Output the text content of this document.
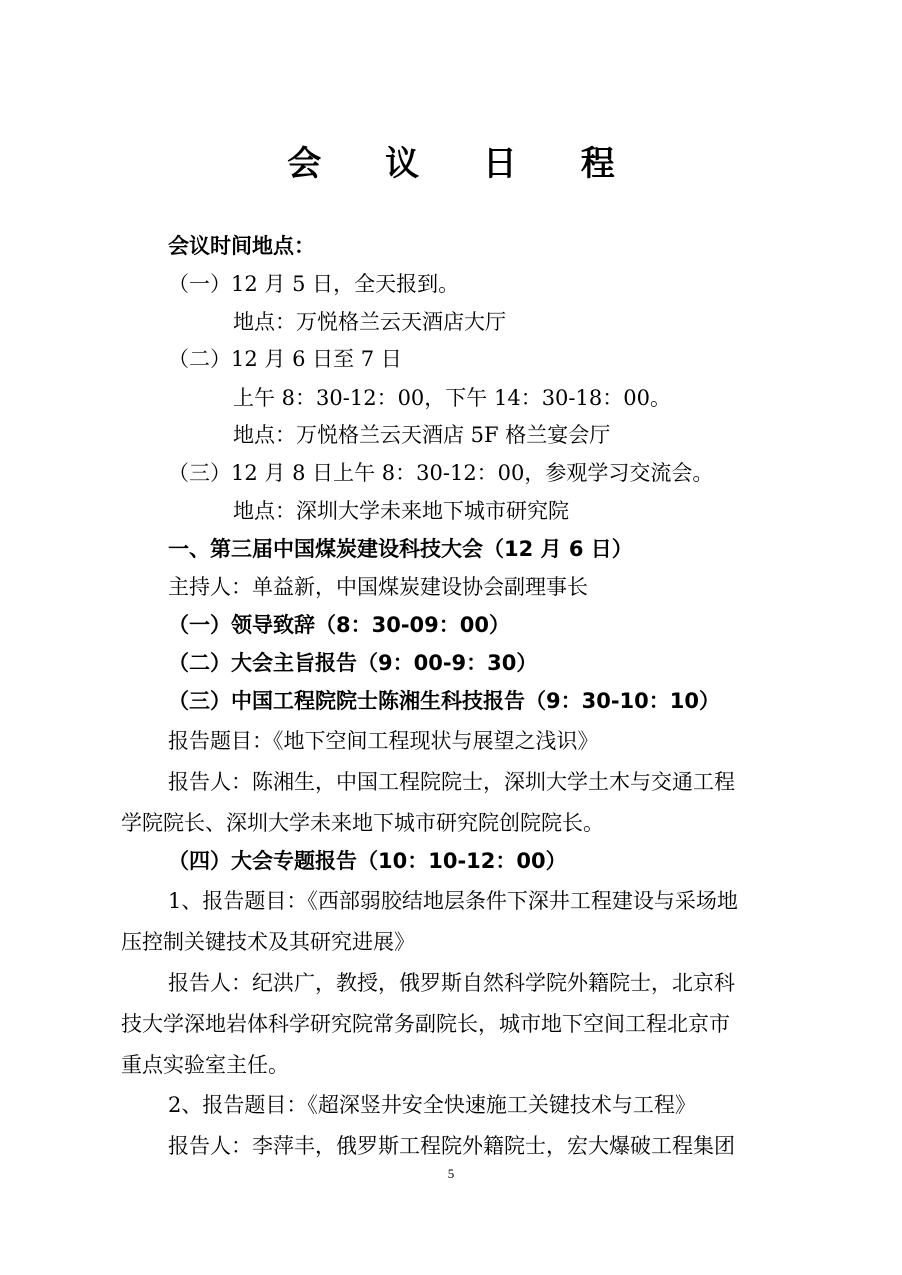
会 议 日 程
会议时间地点：
（一）12 月 5 日，全天报到。
地点：万悦格兰云天酒店大厅
（二）12 月 6 日至 7 日
上午 8：30-12：00，下午 14：30-18：00。
地点：万悦格兰云天酒店 5F 格兰宴会厅
（三）12 月 8 日上午 8：30-12：00，参观学习交流会。
地点：深圳大学未来地下城市研究院
一、第三届中国煤炭建设科技大会（12 月 6 日）
主持人：单益新，中国煤炭建设协会副理事长
（一）领导致辞（8：30-09：00）
（二）大会主旨报告（9：00-9：30）
（三）中国工程院院士陈湘生科技报告（9：30-10：10）
报告题目：《地下空间工程现状与展望之浅识》
报告人：陈湘生，中国工程院院士，深圳大学土木与交通工程
学院院长、深圳大学未来地下城市研究院创院院长。
（四）大会专题报告（10：10-12：00）
1、报告题目：《西部弱胶结地层条件下深井工程建设与采场地
压控制关键技术及其研究进展》
报告人：纪洪广，教授，俄罗斯自然科学院外籍院士，北京科
技大学深地岩体科学研究院常务副院长，城市地下空间工程北京市
重点实验室主任。
2、报告题目：《超深竖井安全快速施工关键技术与工程》
报告人：李萍丰，俄罗斯工程院外籍院士，宏大爆破工程集团
5
